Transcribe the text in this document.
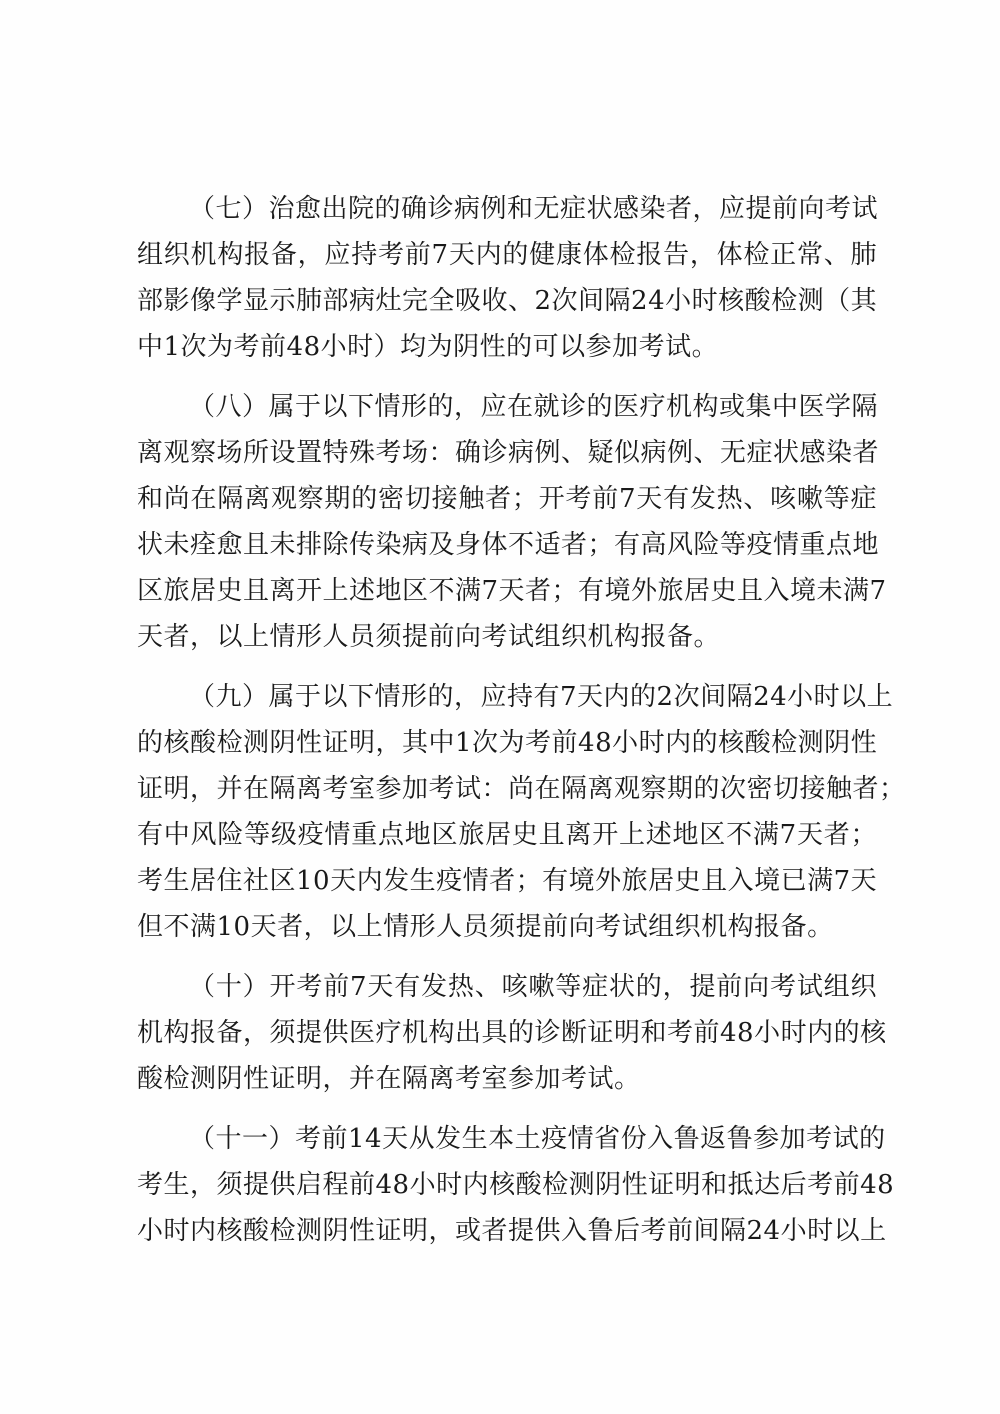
（七）治愈出院的确诊病例和无症状感染者，应提前向考试
组织机构报备，应持考前7天内的健康体检报告，体检正常、肺
部影像学显示肺部病灶完全吸收、2次间隔24小时核酸检测（其
中1次为考前48小时）均为阴性的可以参加考试。
（八）属于以下情形的，应在就诊的医疗机构或集中医学隔
离观察场所设置特殊考场：确诊病例、疑似病例、无症状感染者
和尚在隔离观察期的密切接触者；开考前7天有发热、咳嗽等症
状未痊愈且未排除传染病及身体不适者；有高风险等疫情重点地
区旅居史且离开上述地区不满7天者；有境外旅居史且入境未满7
天者，以上情形人员须提前向考试组织机构报备。
（九）属于以下情形的，应持有7天内的2次间隔24小时以上
的核酸检测阴性证明，其中1次为考前48小时内的核酸检测阴性
证明，并在隔离考室参加考试：尚在隔离观察期的次密切接触者；
有中风险等级疫情重点地区旅居史且离开上述地区不满7天者；
考生居住社区10天内发生疫情者；有境外旅居史且入境已满7天
但不满10天者，以上情形人员须提前向考试组织机构报备。
（十）开考前7天有发热、咳嗽等症状的，提前向考试组织
机构报备，须提供医疗机构出具的诊断证明和考前48小时内的核
酸检测阴性证明，并在隔离考室参加考试。
（十一）考前14天从发生本土疫情省份入鲁返鲁参加考试的
考生，须提供启程前48小时内核酸检测阴性证明和抵达后考前48
小时内核酸检测阴性证明，或者提供入鲁后考前间隔24小时以上
